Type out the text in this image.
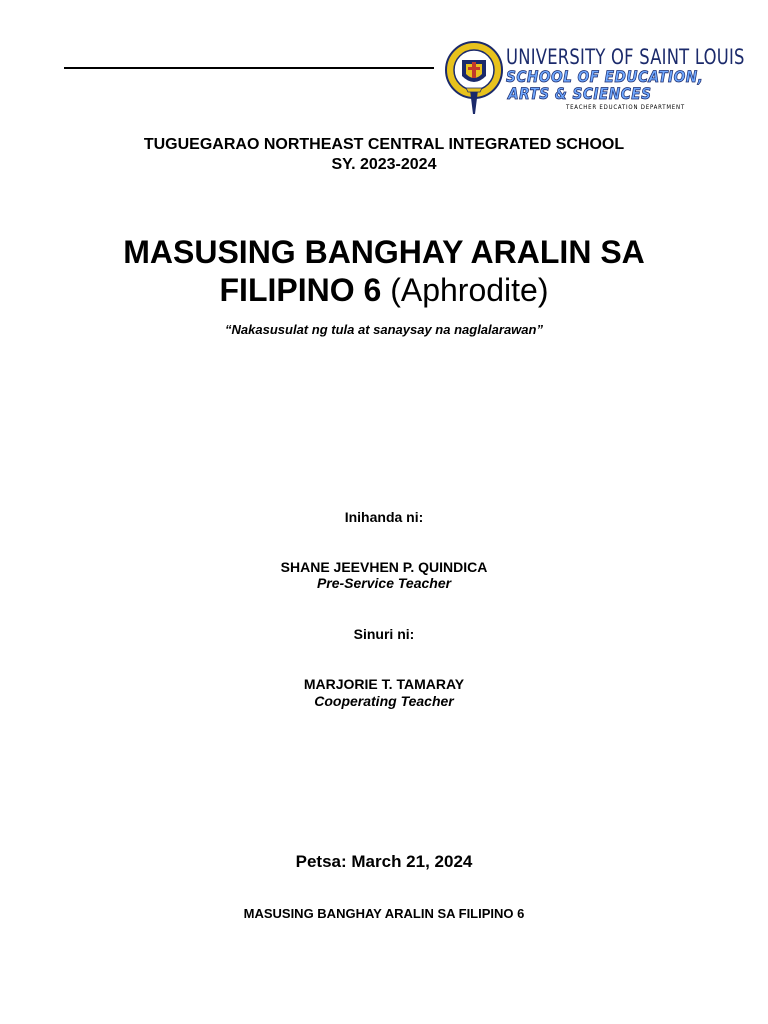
UNIVERSITY OF SAINT LOUIS
SCHOOL OF EDUCATION,
ARTS & SCIENCES
TEACHER EDUCATION DEPARTMENT
TUGUEGARAO NORTHEAST CENTRAL INTEGRATED SCHOOL
SY. 2023-2024
MASUSING BANGHAY ARALIN SA
FILIPINO 6 (Aphrodite)
“Nakasusulat ng tula at sanaysay na naglalarawan”
Inihanda ni:
SHANE JEEVHEN P. QUINDICA
Pre-Service Teacher
Sinuri ni:
MARJORIE T. TAMARAY
Cooperating Teacher
Petsa: March 21, 2024
MASUSING BANGHAY ARALIN SA FILIPINO 6
